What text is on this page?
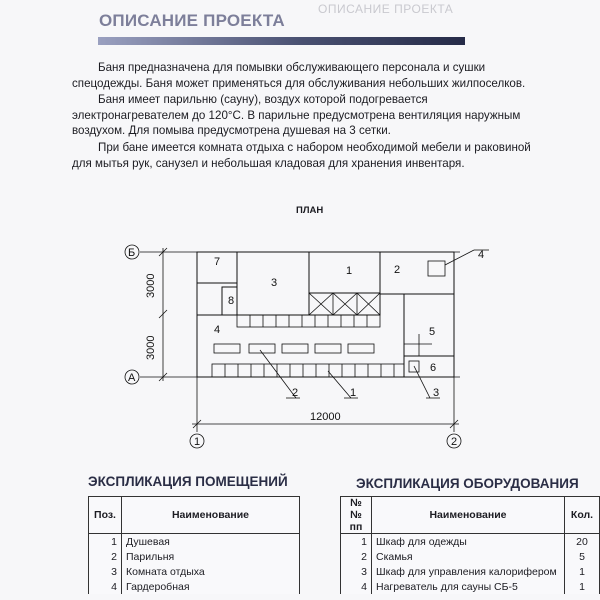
ОПИСАНИЕ ПРОЕКТА
ОПИСАНИЕ ПРОЕКТА

Баня предназначена для помывки обслуживающего персонала и сушки спецодежды. Баня может применяться для обслуживания небольших жилпоселков.

Баня имеет парильню (сауну), воздух которой подогревается электронагревателем до 120°С. В парильне предусмотрена вентиляция наружным воздухом. Для помыва предусмотрена душевая на 3 сетки.

При бане имеется комната отдыха с набором необходимой мебели и раковиной для мытья рук, санузел и небольшая кладовая для хранения инвентаря.

ПЛАН
Б
А
1	2
3000
3000
12000
7
3
1	2
8
4	5
6
4
2	1	3
ЭКСПЛИКАЦИЯ ПОМЕЩЕНИЙ
Поз.	Наименование
1	Душевая
2	Парильня
3	Комната отдыха
4	Гардеробная
ЭКСПЛИКАЦИЯ ОБОРУДОВАНИЯ
№№
пп	Наименование	Кол.
1	Шкаф для одежды	20
2	Скамья	5
3	Шкаф для управления калорифером	1
4	Нагреватель для сауны СБ-5	1
